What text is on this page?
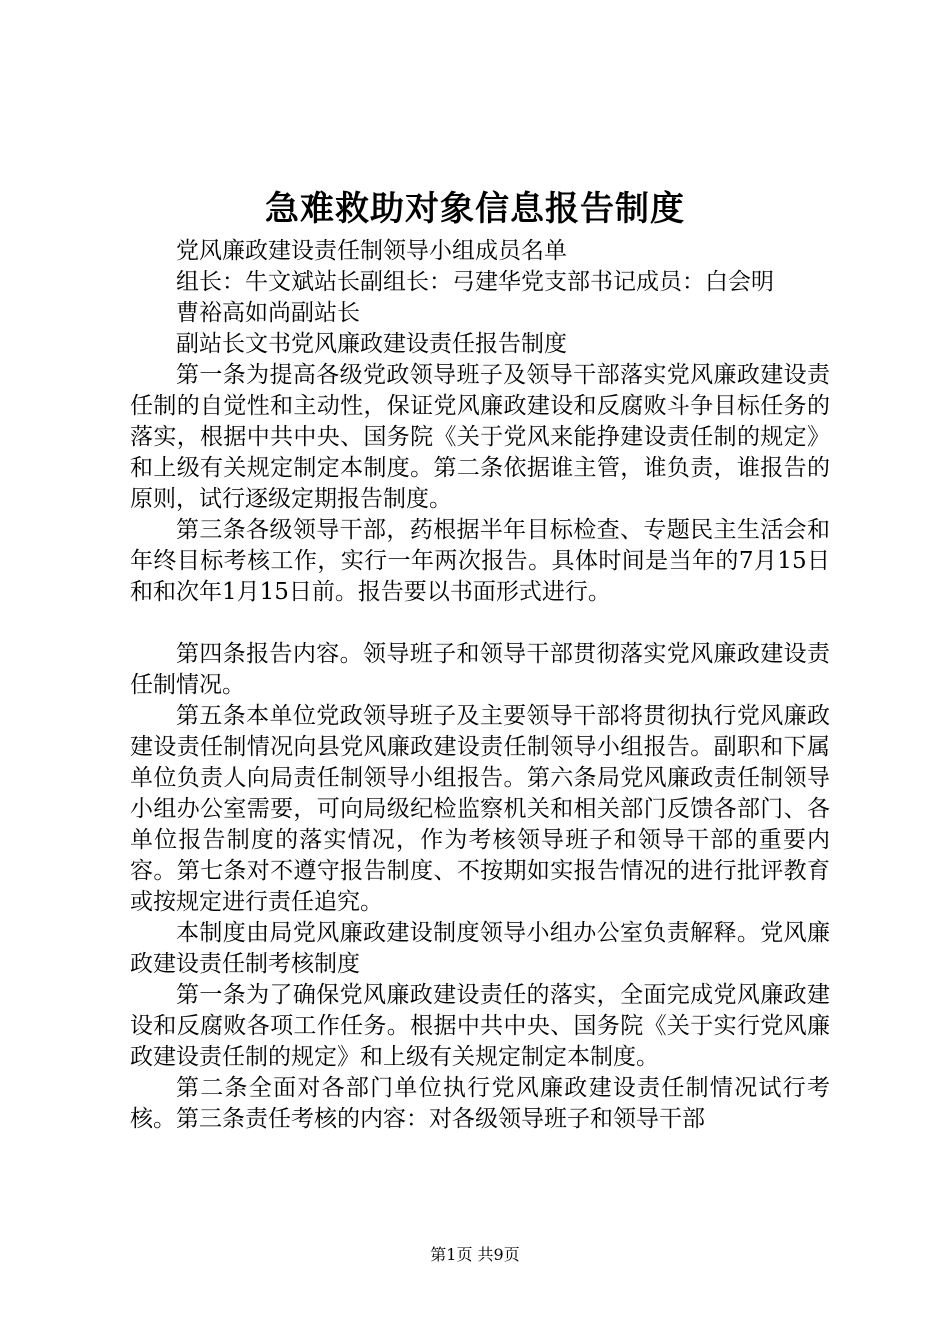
急难救助对象信息报告制度

党风廉政建设责任制领导小组成员名单

组长：牛文斌站长副组长：弓建华党支部书记成员：白会明

曹裕高如尚副站长

副站长文书党风廉政建设责任报告制度

第一条为提高各级党政领导班子及领导干部落实党风廉政建设责任制的自觉性和主动性，保证党风廉政建设和反腐败斗争目标任务的落实，根据中共中央、国务院《关于党风来能挣建设责任制的规定》和上级有关规定制定本制度。第二条依据谁主管，谁负责，谁报告的原则，试行逐级定期报告制度。

第三条各级领导干部，药根据半年目标检查、专题民主生活会和年终目标考核工作，实行一年两次报告。具体时间是当年的7月15日和和次年1月15日前。报告要以书面形式进行。

第四条报告内容。领导班子和领导干部贯彻落实党风廉政建设责任制情况。

第五条本单位党政领导班子及主要领导干部将贯彻执行党风廉政建设责任制情况向县党风廉政建设责任制领导小组报告。副职和下属单位负责人向局责任制领导小组报告。第六条局党风廉政责任制领导小组办公室需要，可向局级纪检监察机关和相关部门反馈各部门、各单位报告制度的落实情况，作为考核领导班子和领导干部的重要内容。第七条对不遵守报告制度、不按期如实报告情况的进行批评教育或按规定进行责任追究。

本制度由局党风廉政建设制度领导小组办公室负责解释。党风廉政建设责任制考核制度

第一条为了确保党风廉政建设责任的落实，全面完成党风廉政建设和反腐败各项工作任务。根据中共中央、国务院《关于实行党风廉政建设责任制的规定》和上级有关规定制定本制度。

第二条全面对各部门单位执行党风廉政建设责任制情况试行考核。第三条责任考核的内容：对各级领导班子和领导干部

第1页 共9页
